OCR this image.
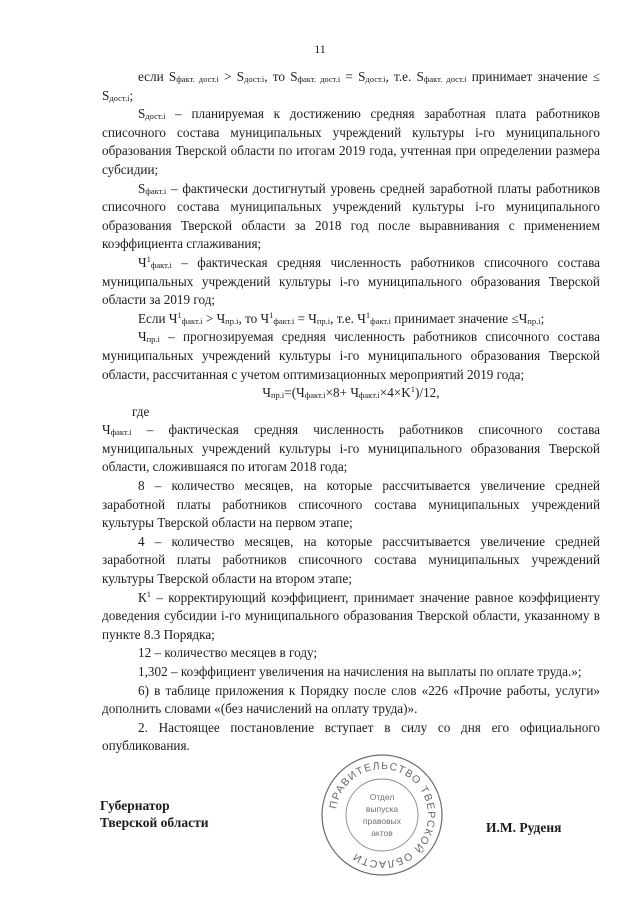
11

если $S_{факт. дост.i} > S_{дост.i}$, то $S_{факт. дост.i} = S_{дост.i}$, т.е. $S_{факт. дост.i}$ принимает значение ≤ $S_{дост.i}$;

$S_{дост.i}$ – планируемая к достижению средняя заработная плата работников списочного состава муниципальных учреждений культуры i-го муниципального образования Тверской области по итогам 2019 года, учтенная при определении размера субсидии;

$S_{факт.i}$ – фактически достигнутый уровень средней заработной платы работников списочного состава муниципальных учреждений культуры i-го муниципального образования Тверской области за 2018 год после выравнивания с применением коэффициента сглаживания;

$Ч^1_{факт.i}$ – фактическая средняя численность работников списочного состава муниципальных учреждений культуры i-го муниципального образования Тверской области за 2019 год;

Если $Ч^1_{факт.i} > Ч_{пр.i}$, то $Ч^1_{факт.i} = Ч_{пр.i}$, т.е. $Ч^1_{факт.i}$ принимает значение $\le Ч_{пр.i}$;

$Ч_{пр.i}$ – прогнозируемая средняя численность работников списочного состава муниципальных учреждений культуры i-го муниципального образования Тверской области, рассчитанная с учетом оптимизационных мероприятий 2019 года;

$Ч_{пр.i}=(Ч_{факт.i}\times 8+ Ч_{факт.i}\times 4\times K^1)/12$,

где

$Ч_{факт.i}$ – фактическая средняя численность работников списочного состава муниципальных учреждений культуры i-го муниципального образования Тверской области, сложившаяся по итогам 2018 года;

8 – количество месяцев, на которые рассчитывается увеличение средней заработной платы работников списочного состава муниципальных учреждений культуры Тверской области на первом этапе;

4 – количество месяцев, на которые рассчитывается увеличение средней заработной платы работников списочного состава муниципальных учреждений культуры Тверской области на втором этапе;

$К^1$ – корректирующий коэффициент, принимает значение равное коэффициенту доведения субсидии i-го муниципального образования Тверской области, указанному в пункте 8.3 Порядка;

12 – количество месяцев в году;

1,302 – коэффициент увеличения на начисления на выплаты по оплате труда.»;

6) в таблице приложения к Порядку после слов «226 «Прочие работы, услуги» дополнить словами «(без начислений на оплату труда)».

2. Настоящее постановление вступает в силу со дня его официального опубликования.

Губернатор
Тверской области
ПРАВИТЕЛЬСТВО ТВЕРСКОЙ ОБЛАСТИ
Отдел
выпуска
правовых
актов	И.М. Руденя
